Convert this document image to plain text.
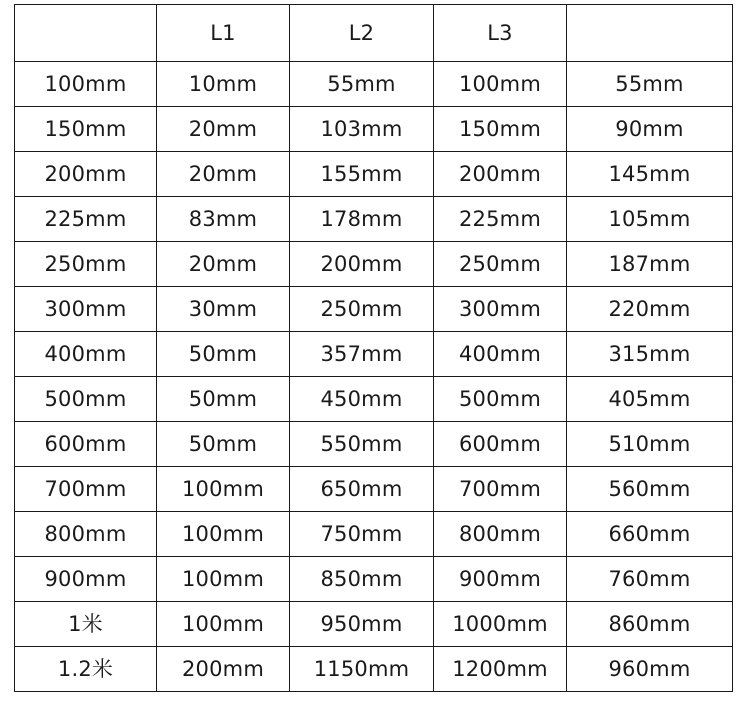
	L1	L2	L3	
100mm	10mm	55mm	100mm	55mm
150mm	20mm	103mm	150mm	90mm
200mm	20mm	155mm	200mm	145mm
225mm	83mm	178mm	225mm	105mm
250mm	20mm	200mm	250mm	187mm
300mm	30mm	250mm	300mm	220mm
400mm	50mm	357mm	400mm	315mm
500mm	50mm	450mm	500mm	405mm
600mm	50mm	550mm	600mm	510mm
700mm	100mm	650mm	700mm	560mm
800mm	100mm	750mm	800mm	660mm
900mm	100mm	850mm	900mm	760mm
1米	100mm	950mm	1000mm	860mm
1.2米	200mm	1150mm	1200mm	960mm
